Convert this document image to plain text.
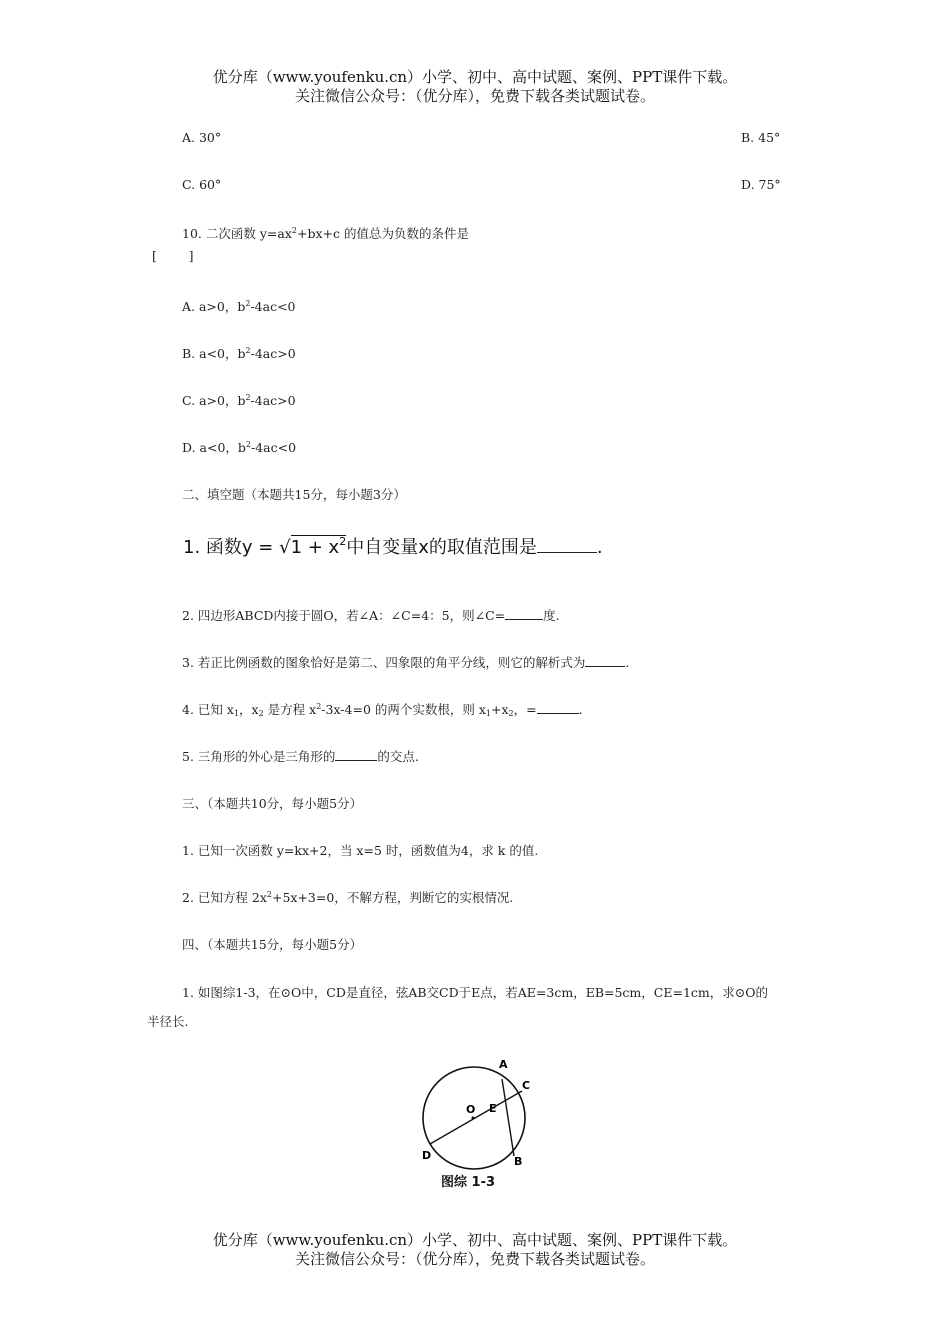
优分库（www.youfenku.cn）小学、初中、高中试题、案例、PPT课件下载。
关注微信公众号：（优分库），免费下载各类试题试卷。
A. 30°	B. 45°
C. 60°	D. 75°
10. 二次函数 $y=ax^2+bx+c$ 的值总为负数的条件是
[        ]
A. a>0，$b^2-4ac<0$
B. a<0，$b^2-4ac>0$
C. a>0，$b^2-4ac>0$
D. a<0，$b^2-4ac<0$
二、填空题（本题共15分，每小题3分）
1. 函数$y = √1 + x^2$中自变量x的取值范围是	.
2. 四边形ABCD内接于圆O，若∠A：∠C=4：5，则∠C=	度.
3. 若正比例函数的图象恰好是第二、四象限的角平分线，则它的解析式为	.
4. 已知 $x_1$，$x_2$ 是方程 $x^2-3x-4=0$ 的两个实数根，则 $x_1+x_2$，=	.
5. 三角形的外心是三角形的	的交点.
三、（本题共10分，每小题5分）
1. 已知一次函数 y=kx+2，当 x=5 时，函数值为4，求 k 的值.
2. 已知方程 $2x^2+5x+3=0$，不解方程，判断它的实根情况.
四、（本题共15分，每小题5分）
1. 如图综1-3，在⊙O中，CD是直径，弦AB交CD于E点，若AE=3cm，EB=5cm，CE=1cm，求⊙O的
半径长.
A
C
E
O
D	B
图综 1-3
优分库（www.youfenku.cn）小学、初中、高中试题、案例、PPT课件下载。
关注微信公众号：（优分库），免费下载各类试题试卷。
